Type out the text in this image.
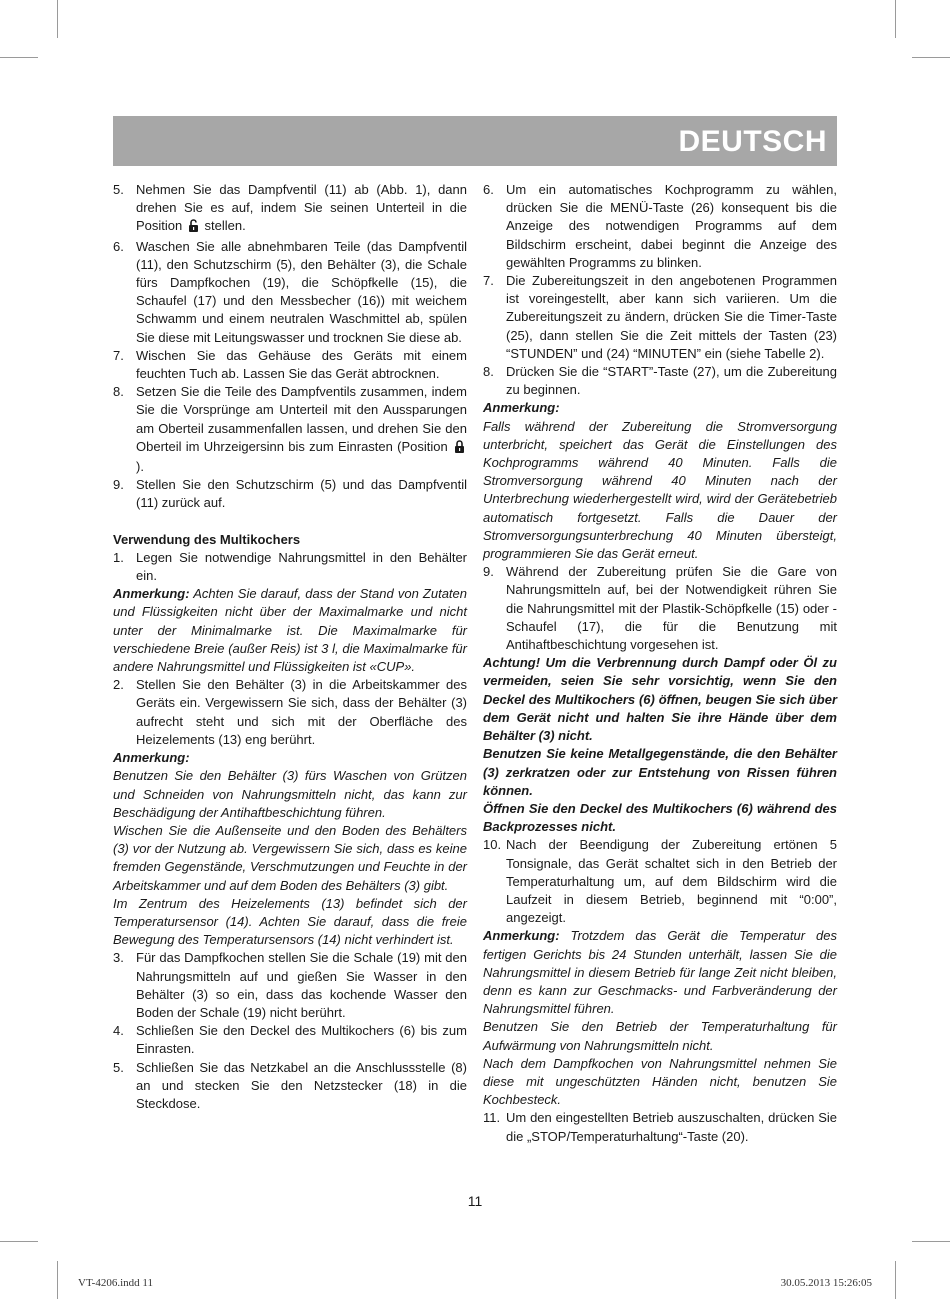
DEUTSCH

5. Nehmen Sie das Dampfventil (11) ab (Abb. 1), dann drehen Sie es auf, indem Sie seinen Unterteil in die Position  stellen.

6. Waschen Sie alle abnehmbaren Teile (das Dampfventil (11), den Schutzschirm (5), den Behälter (3), die Schale fürs Dampfkochen (19), die Schöpfkelle (15), die Schaufel (17) und den Messbecher (16)) mit weichem Schwamm und einem neutralen Waschmittel ab, spülen Sie diese mit Leitungswasser und trocknen Sie diese ab.

7. Wischen Sie das Gehäuse des Geräts mit einem feuchten Tuch ab. Lassen Sie das Gerät abtrocknen.

8. Setzen Sie die Teile des Dampfventils zusammen, indem Sie die Vorsprünge am Unterteil mit den Aussparungen am Oberteil zusammenfallen lassen, und drehen Sie den Oberteil im Uhrzeigersinn bis zum Einrasten (Position ).

9. Stellen Sie den Schutzschirm (5) und das Dampfventil (11) zurück auf.

Verwendung des Multikochers

1. Legen Sie notwendige Nahrungsmittel in den Behälter ein.

Anmerkung: Achten Sie darauf, dass der Stand von Zutaten und Flüssigkeiten nicht über der Maximalmarke und nicht unter der Minimalmarke ist. Die Maximalmarke für verschiedene Breie (außer Reis) ist 3 l, die Maximalmarke für andere Nahrungsmittel und Flüssigkeiten ist «CUP».

2. Stellen Sie den Behälter (3) in die Arbeitskammer des Geräts ein. Vergewissern Sie sich, dass der Behälter (3) aufrecht steht und sich mit der Oberfläche des Heizelements (13) eng berührt.

Anmerkung:

Benutzen Sie den Behälter (3) fürs Waschen von Grützen und Schneiden von Nahrungsmitteln nicht, das kann zur Beschädigung der Antihaftbeschichtung führen.

Wischen Sie die Außenseite und den Boden des Behälters (3) vor der Nutzung ab. Vergewissern Sie sich, dass es keine fremden Gegenstände, Verschmutzungen und Feuchte in der Arbeitskammer und auf dem Boden des Behälters (3) gibt.

Im Zentrum des Heizelements (13) befindet sich der Temperatursensor (14). Achten Sie darauf, dass die freie Bewegung des Temperatursensors (14) nicht verhindert ist.

3. Für das Dampfkochen stellen Sie die Schale (19) mit den Nahrungsmitteln auf und gießen Sie Wasser in den Behälter (3) so ein, dass das kochende Wasser den Boden der Schale (19) nicht berührt.

4. Schließen Sie den Deckel des Multikochers (6) bis zum Einrasten.

5. Schließen Sie das Netzkabel an die Anschlussstelle (8) an und stecken Sie den Netzstecker (18) in die Steckdose.

6. Um ein automatisches Kochprogramm zu wählen, drücken Sie die MENÜ-Taste (26) konsequent bis die Anzeige des notwendigen Programms auf dem Bildschirm erscheint, dabei beginnt die Anzeige des gewählten Programms zu blinken.

7. Die Zubereitungszeit in den angebotenen Programmen ist voreingestellt, aber kann sich variieren. Um die Zubereitungszeit zu ändern, drücken Sie die Timer-Taste (25), dann stellen Sie die Zeit mittels der Tasten (23) “STUNDEN” und (24) “MINUTEN” ein (siehe Tabelle 2).

8. Drücken Sie die “START”-Taste (27), um die Zubereitung zu beginnen.

Anmerkung:

Falls während der Zubereitung die Stromversorgung unterbricht, speichert das Gerät die Einstellungen des Kochprogramms während 40 Minuten. Falls die Stromversorgung während 40 Minuten nach der Unterbrechung wiederhergestellt wird, wird der Gerätebetrieb automatisch fortgesetzt. Falls die Dauer der Stromversorgungsunterbrechung 40 Minuten übersteigt, programmieren Sie das Gerät erneut.

9. Während der Zubereitung prüfen Sie die Gare von Nahrungsmitteln auf, bei der Notwendigkeit rühren Sie die Nahrungsmittel mit der Plastik-Schöpfkelle (15) oder -Schaufel (17), die für die Benutzung mit Antihaftbeschichtung vorgesehen ist.

Achtung! Um die Verbrennung durch Dampf oder Öl zu vermeiden, seien Sie sehr vorsichtig, wenn Sie den Deckel des Multikochers (6) öffnen, beugen Sie sich über dem Gerät nicht und halten Sie ihre Hände über dem Behälter (3) nicht.

Benutzen Sie keine Metallgegenstände, die den Behälter (3) zerkratzen oder zur Entstehung von Rissen führen können.

Öffnen Sie den Deckel des Multikochers (6) während des Backprozesses nicht.

10. Nach der Beendigung der Zubereitung ertönen 5 Tonsignale, das Gerät schaltet sich in den Betrieb der Temperaturhaltung um, auf dem Bildschirm wird die Laufzeit in diesem Betrieb, beginnend mit “0:00”, angezeigt.

Anmerkung: Trotzdem das Gerät die Temperatur des fertigen Gerichts bis 24 Stunden unterhält, lassen Sie die Nahrungsmittel in diesem Betrieb für lange Zeit nicht bleiben, denn es kann zur Geschmacks- und Farbveränderung der Nahrungsmittel führen.

Benutzen Sie den Betrieb der Temperaturhaltung für Aufwärmung von Nahrungsmitteln nicht.

Nach dem Dampfkochen von Nahrungsmittel nehmen Sie diese mit ungeschützten Händen nicht, benutzen Sie Kochbesteck.

11. Um den eingestellten Betrieb auszuschalten, drücken Sie die „STOP/Temperaturhaltung“-Taste (20).

11
VT-4206.indd 11	30.05.2013 15:26:05
